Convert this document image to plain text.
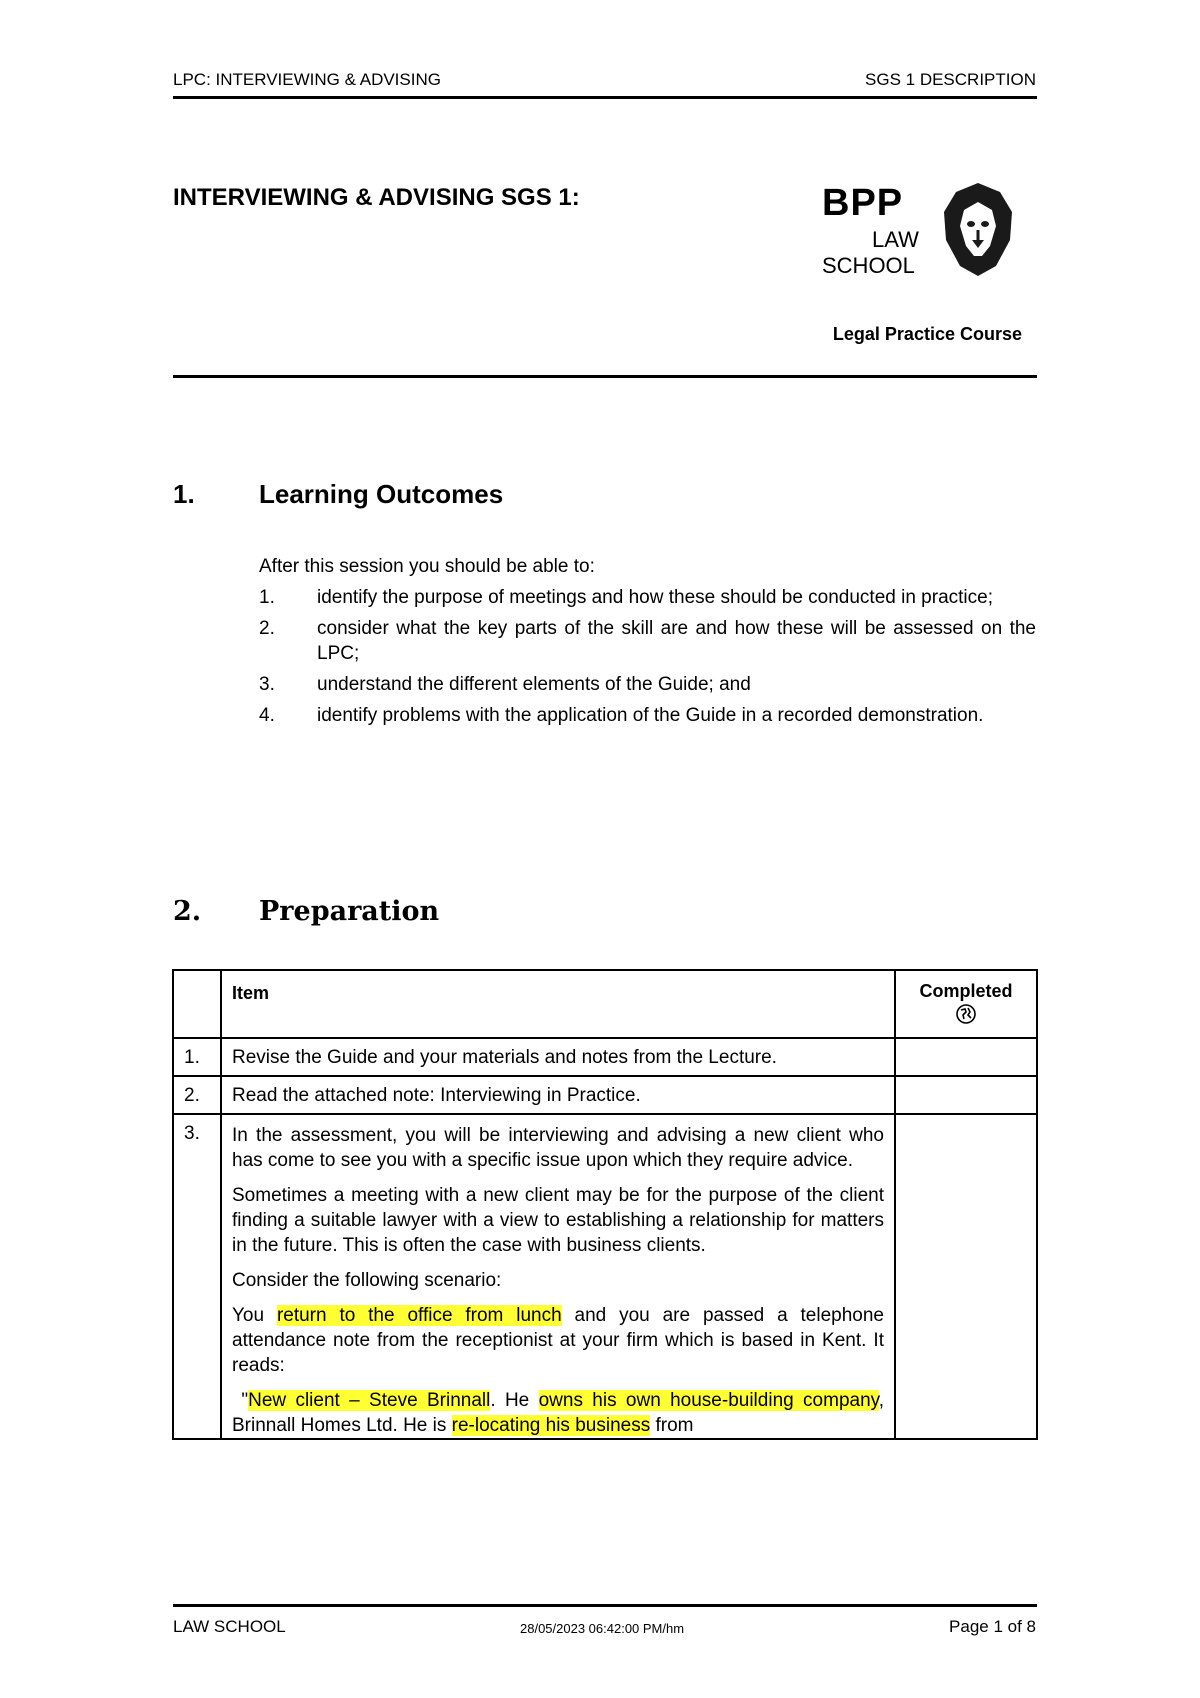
LPC: INTERVIEWING & ADVISING	SGS 1 DESCRIPTION
INTERVIEWING & ADVISING SGS 1:	BPP
LAW
SCHOOL
Legal Practice Course
1. Learning Outcomes
After this session you should be able to:
1.	identify the purpose of meetings and how these should be conducted in practice;
2.	consider what the key parts of the skill are and how these will be assessed on the LPC;
3.	understand the different elements of the Guide; and
4.	identify problems with the application of the Guide in a recorded demonstration.
2. Preparation
	Item	Completed

1.	Revise the Guide and your materials and notes from the Lecture.	
2.	Read the attached note: Interviewing in Practice.	
3.	In the assessment, you will be interviewing and advising a new client who has come to see you with a specific issue upon which they require advice.

Sometimes a meeting with a new client may be for the purpose of the client finding a suitable lawyer with a view to establishing a relationship for matters in the future. This is often the case with business clients.

Consider the following scenario:

You return to the office from lunch and you are passed a telephone attendance note from the receptionist at your firm which is based in Kent. It reads:

"New client – Steve Brinnall. He owns his own house-building company, Brinnall Homes Ltd. He is re-locating his business from	

LAW SCHOOL	28/05/2023 06:42:00 PM/hm	Page 1 of 8
